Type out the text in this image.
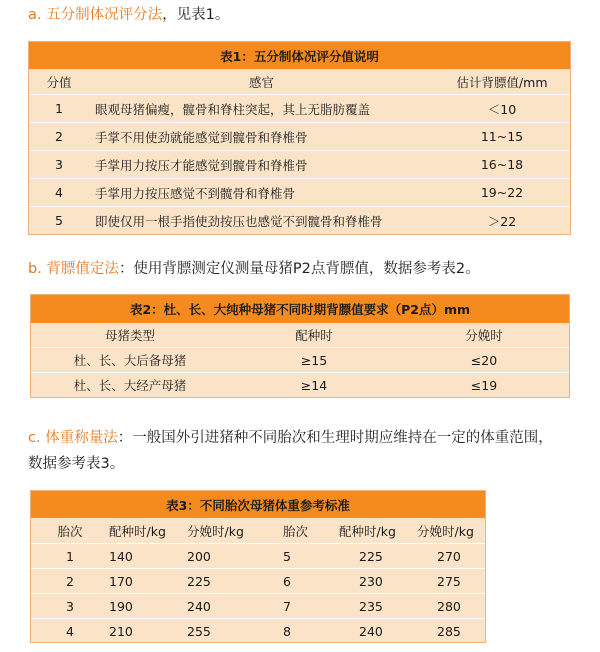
a. 五分制体况评分法，见表1。
表1：五分制体况评分值说明
分值	感官	估计背膘值/mm
1	眼观母猪偏瘦，髋骨和脊柱突起，其上无脂肪覆盖	＜10
2	手掌不用使劲就能感觉到髋骨和脊椎骨	11~15
3	手掌用力按压才能感觉到髋骨和脊椎骨	16~18
4	手掌用力按压感觉不到髋骨和脊椎骨	19~22
5	即使仅用一根手指使劲按压也感觉不到髋骨和脊椎骨	＞22
b. 背膘值定法：使用背膘测定仪测量母猪P2点背膘值，数据参考表2。
表2：杜、长、大纯种母猪不同时期背膘值要求（P2点）mm
母猪类型	配种时	分娩时
杜、长、大后备母猪	≥15	≤20
杜、长、大经产母猪	≥14	≤19
c. 体重称量法：一般国外引进猪种不同胎次和生理时期应维持在一定的体重范围，
数据参考表3。
表3：不同胎次母猪体重参考标准
胎次	配种时/kg	分娩时/kg	胎次	配种时/kg	分娩时/kg
1	140	200	5	225	270
2	170	225	6	230	275
3	190	240	7	235	280
4	210	255	8	240	285
